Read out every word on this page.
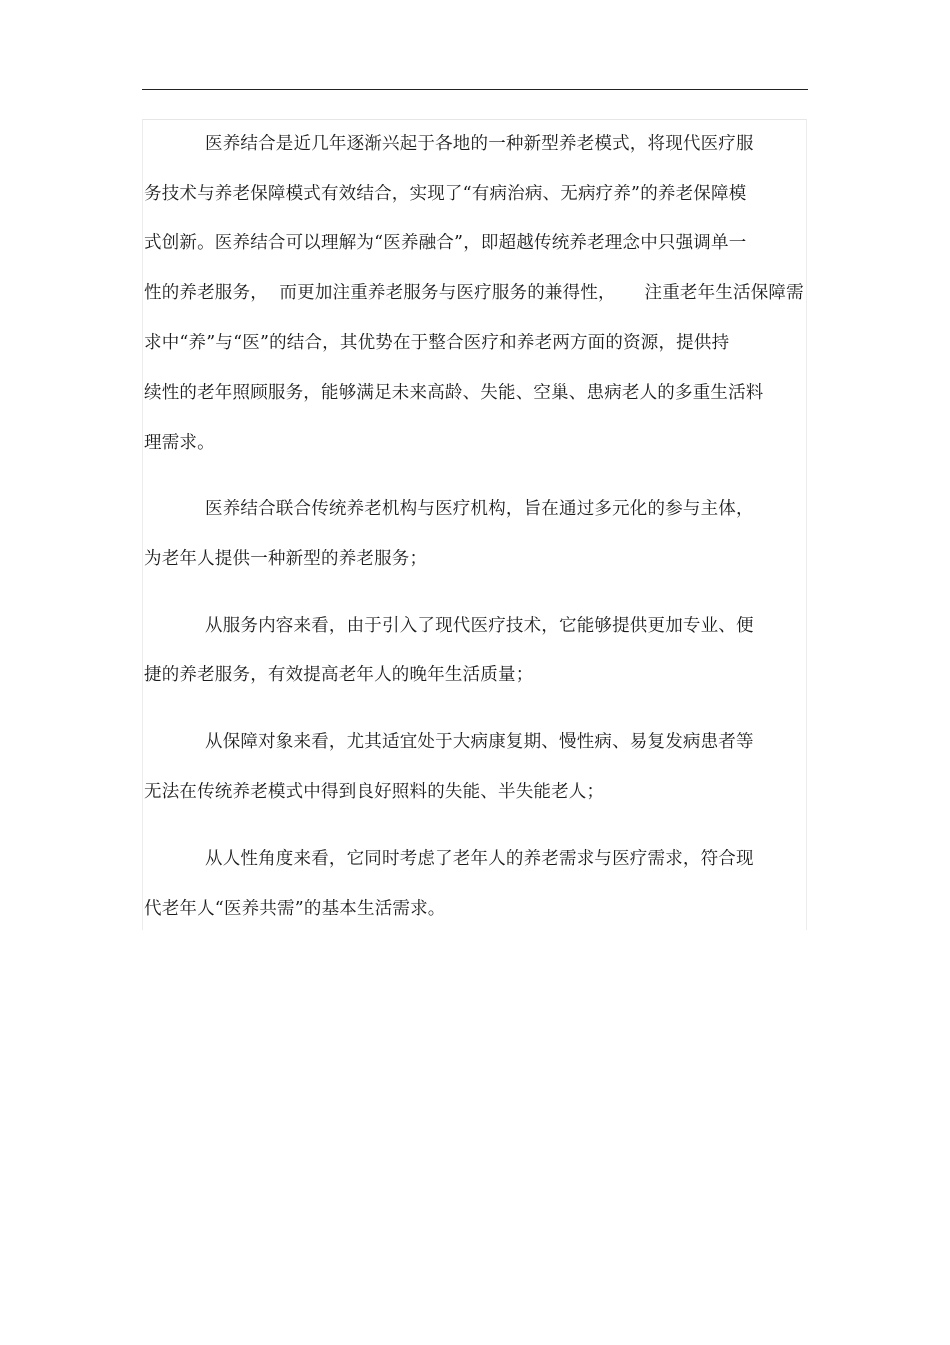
医养结合是近几年逐渐兴起于各地的一种新型养老模式，将现代医疗服

务技术与养老保障模式有效结合，实现了“有病治病、无病疗养”的养老保障模

式创新。医养结合可以理解为“医养融合”，即超越传统养老理念中只强调单一

性的养老服务，  而更加注重养老服务与医疗服务的兼得性，     注重老年生活保障需

求中“养”与“医”的结合，其优势在于整合医疗和养老两方面的资源，提供持

续性的老年照顾服务，能够满足未来高龄、失能、空巢、患病老人的多重生活料

理需求。

医养结合联合传统养老机构与医疗机构，旨在通过多元化的参与主体，

为老年人提供一种新型的养老服务；

从服务内容来看，由于引入了现代医疗技术，它能够提供更加专业、便

捷的养老服务，有效提高老年人的晚年生活质量；

从保障对象来看，尤其适宜处于大病康复期、慢性病、易复发病患者等

无法在传统养老模式中得到良好照料的失能、半失能老人；

从人性角度来看，它同时考虑了老年人的养老需求与医疗需求，符合现

代老年人“医养共需”的基本生活需求。
